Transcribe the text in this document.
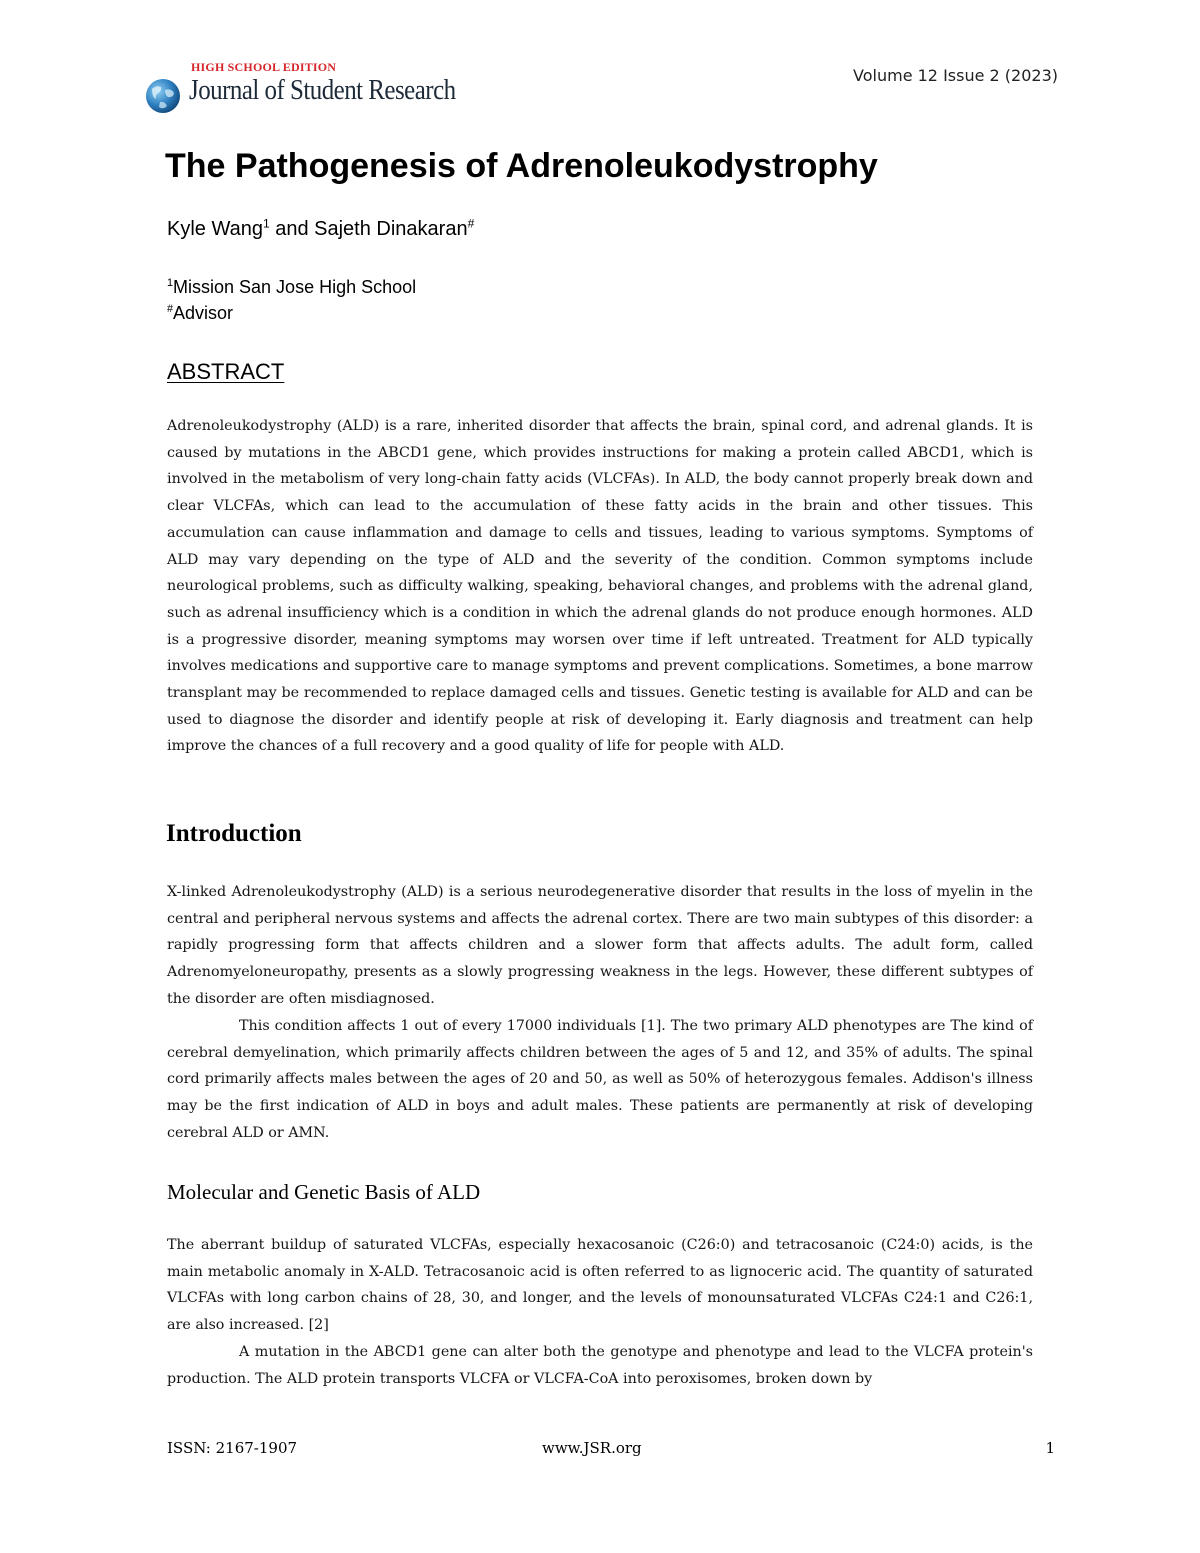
HIGH SCHOOL EDITION
Journal of Student Research	Volume 12 Issue 2 (2023)
The Pathogenesis of Adrenoleukodystrophy
Kyle Wang$^1$ and Sajeth Dinakaran#
$^1$Mission San Jose High School
#Advisor
ABSTRACT

Adrenoleukodystrophy (ALD) is a rare, inherited disorder that affects the brain, spinal cord, and adrenal glands. It is caused by mutations in the ABCD1 gene, which provides instructions for making a protein called ABCD1, which is involved in the metabolism of very long-chain fatty acids (VLCFAs). In ALD, the body cannot properly break down and clear VLCFAs, which can lead to the accumulation of these fatty acids in the brain and other tissues. This accumulation can cause inflammation and damage to cells and tissues, leading to various symptoms. Symptoms of ALD may vary depending on the type of ALD and the severity of the condition. Common symptoms include neurological problems, such as difficulty walking, speaking, behavioral changes, and problems with the adrenal gland, such as adrenal insufficiency which is a condition in which the adrenal glands do not produce enough hormones. ALD is a progressive disorder, meaning symptoms may worsen over time if left untreated. Treatment for ALD typically involves medications and supportive care to manage symptoms and prevent complications. Sometimes, a bone marrow transplant may be recommended to replace damaged cells and tissues. Genetic testing is available for ALD and can be used to diagnose the disorder and identify people at risk of developing it. Early diagnosis and treatment can help improve the chances of a full recovery and a good quality of life for people with ALD.

Introduction

X-linked Adrenoleukodystrophy (ALD) is a serious neurodegenerative disorder that results in the loss of myelin in the central and peripheral nervous systems and affects the adrenal cortex. There are two main subtypes of this disorder: a rapidly progressing form that affects children and a slower form that affects adults. The adult form, called Adrenomyeloneuropathy, presents as a slowly progressing weakness in the legs. However, these different subtypes of the disorder are often misdiagnosed.

This condition affects 1 out of every 17000 individuals [1]. The two primary ALD phenotypes are The kind of cerebral demyelination, which primarily affects children between the ages of 5 and 12, and 35% of adults. The spinal cord primarily affects males between the ages of 20 and 50, as well as 50% of heterozygous females. Addison's illness may be the first indication of ALD in boys and adult males. These patients are permanently at risk of developing cerebral ALD or AMN.

Molecular and Genetic Basis of ALD

The aberrant buildup of saturated VLCFAs, especially hexacosanoic (C26:0) and tetracosanoic (C24:0) acids, is the main metabolic anomaly in X-ALD. Tetracosanoic acid is often referred to as lignoceric acid. The quantity of saturated VLCFAs with long carbon chains of 28, 30, and longer, and the levels of monounsaturated VLCFAs C24:1 and C26:1, are also increased. [2]

A mutation in the ABCD1 gene can alter both the genotype and phenotype and lead to the VLCFA protein's production. The ALD protein transports VLCFA or VLCFA-CoA into peroxisomes, broken down by

ISSN: 2167-1907	www.JSR.org	1
